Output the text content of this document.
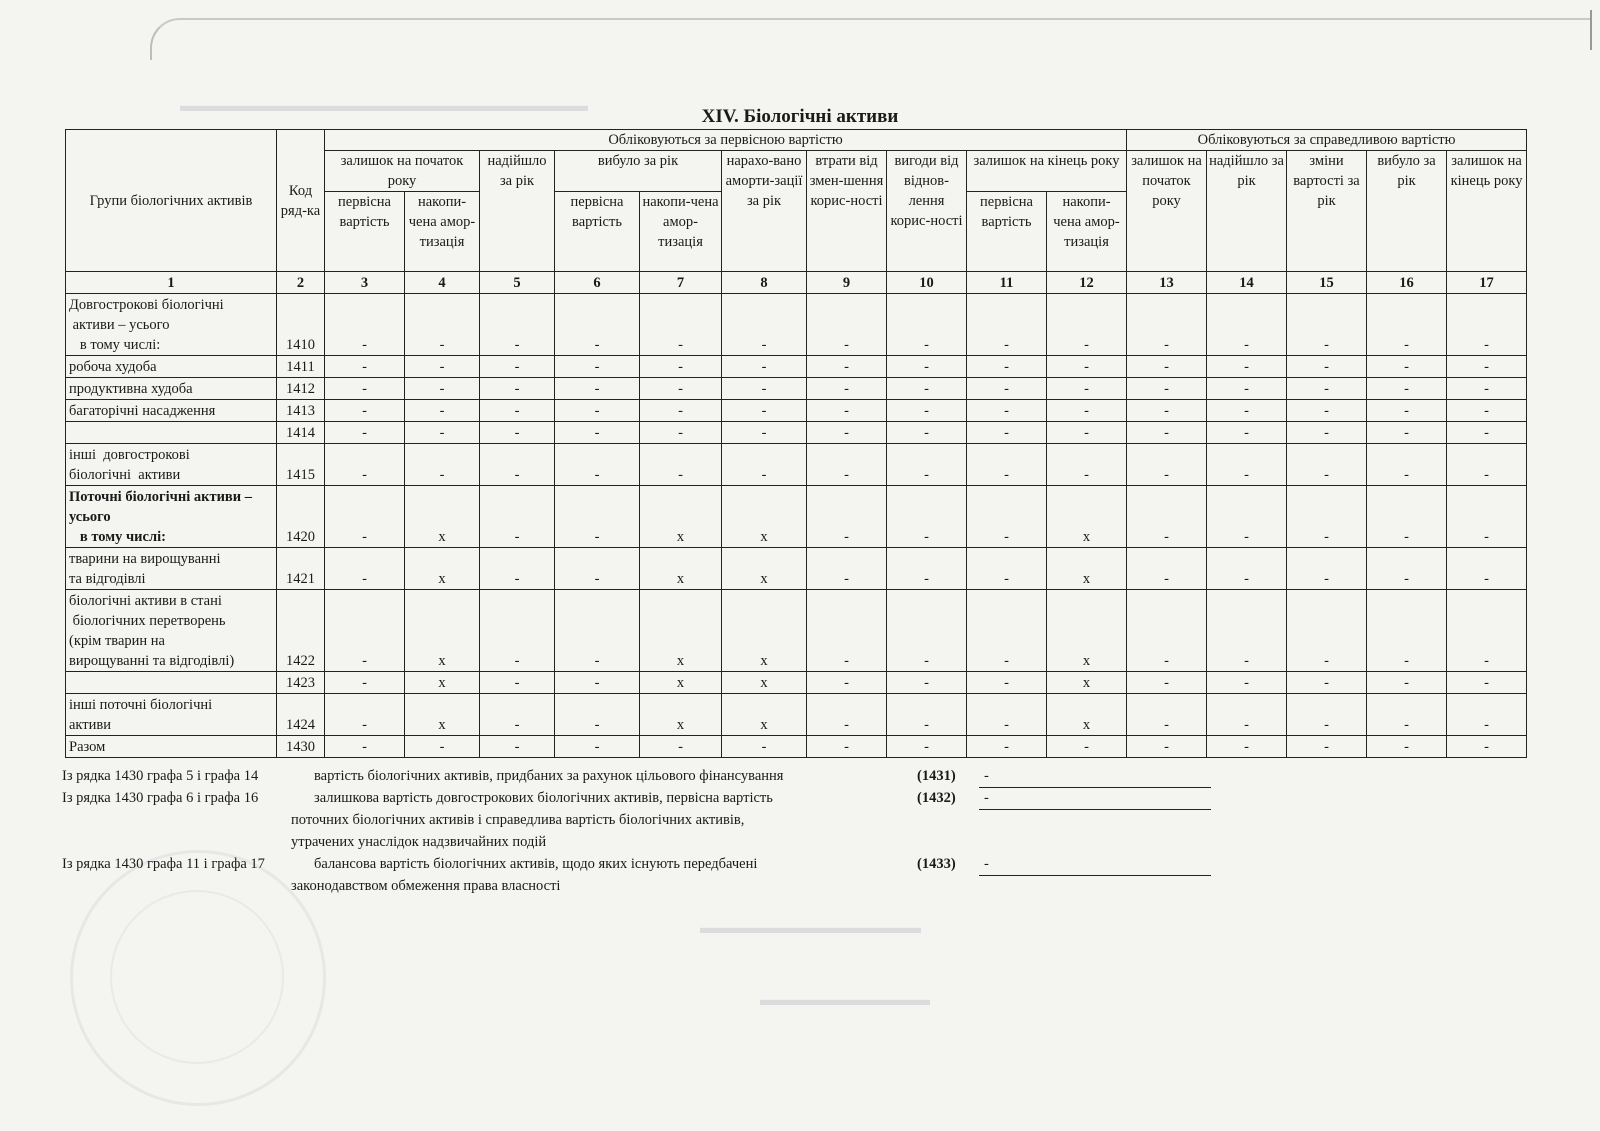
▬▬▬▬▬▬▬▬▬▬▬▬▬▬▬▬▬▬▬▬▬▬▬▬
▬▬▬▬▬▬▬▬▬▬▬▬▬
▬▬▬▬▬▬▬▬▬▬
XIV. Біологічні активи
Групи біологічних активів	Код ряд-ка	Обліковуються за первісною вартістю										Обліковуються за справедливою вартістю				
		залишок на початок року		надійшло за рік	вибуло за рік		нарахо-вано аморти-зації за рік	втрати від змен-шення корис-ності	вигоди від віднов-лення корис-ності	залишок на кінець року		залишок на початок року	надійшло за рік	зміни вартості за рік	вибуло за рік	залишок на кінець року
		первісна вартість	накопи-чена амор-тизація		первісна вартість	накопи-чена амор-тизація				первісна вартість	накопи-чена амор-тизація					
1	2	3	4	5	6	7	8	9	10	11	12	13	14	15	16	17
Довгострокові біологічні
активи – усього
в тому числі:	1410	-	-	-	-	-	-	-	-	-	-	-	-	-	-	-
робоча худоба	1411	-	-	-	-	-	-	-	-	-	-	-	-	-	-	-
продуктивна худоба	1412	-	-	-	-	-	-	-	-	-	-	-	-	-	-	-
багаторічні насадження	1413	-	-	-	-	-	-	-	-	-	-	-	-	-	-	-
	1414	-	-	-	-	-	-	-	-	-	-	-	-	-	-	-
інші  довгострокові
біологічні  активи	1415	-	-	-	-	-	-	-	-	-	-	-	-	-	-	-
Поточні біологічні активи –
усього
в тому числі:	1420	-	х	-	-	х	х	-	-	-	х	-	-	-	-	-
тварини на вирощуванні
та відгодівлі	1421	-	х	-	-	х	х	-	-	-	х	-	-	-	-	-
біологічні активи в стані
біологічних перетворень
(крім тварин на
вирощуванні та відгодівлі)	1422	-	х	-	-	х	х	-	-	-	х	-	-	-	-	-
	1423	-	х	-	-	х	х	-	-	-	х	-	-	-	-	-
інші поточні біологічні
активи	1424	-	х	-	-	х	х	-	-	-	х	-	-	-	-	-
Разом	1430	-	-	-	-	-	-	-	-	-	-	-	-	-	-	-
Із рядка 1430 графа 5 і графа 14	вартість біологічних активів, придбаних за рахунок цільового фінансування	(1431) -
Із рядка 1430 графа 6 і графа 16	залишкова вартість довгострокових біологічних активів, первісна вартість	(1432) -
поточних біологічних активів і справедлива вартість біологічних активів,
утрачених унаслідок надзвичайних подій
Із рядка 1430 графа 11 і графа 17	балансова вартість біологічних активів, щодо яких існують передбачені	(1433) -
законодавством обмеження права власності
